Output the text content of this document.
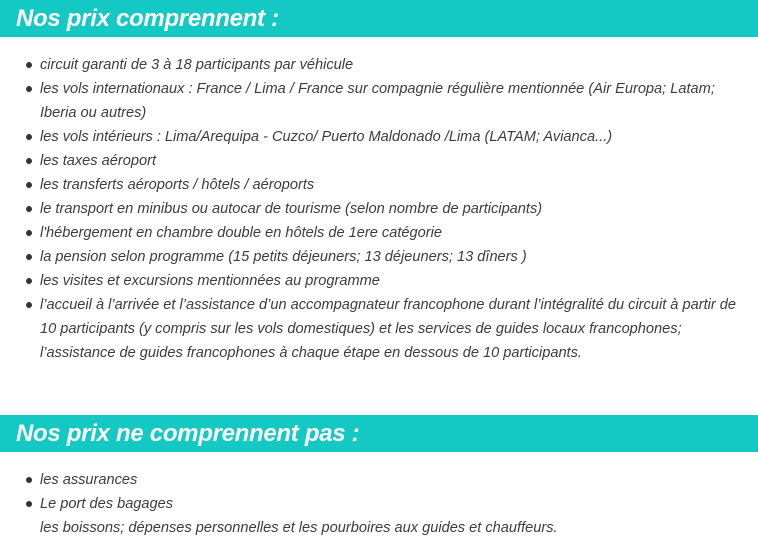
Nos prix comprennent :
circuit garanti de 3 à 18 participants par véhicule
les vols internationaux : France / Lima / France sur compagnie régulière mentionnée (Air Europa; Latam; Iberia ou autres)
les vols intérieurs : Lima/Arequipa - Cuzco/ Puerto Maldonado /Lima (LATAM; Avianca...)
les taxes aéroport
les transferts aéroports / hôtels / aéroports
le transport en minibus ou autocar de tourisme (selon nombre de participants)
l'hébergement en chambre double en hôtels de 1ere catégorie
la pension selon programme (15 petits déjeuners; 13 déjeuners; 13 dîners )
les visites et excursions mentionnées au programme
l’accueil à l’arrivée et l’assistance d’un accompagnateur francophone durant l’intégralité du circuit à partir de 10 participants (y compris sur les vols domestiques) et les services de guides locaux francophones; l’assistance de guides francophones à chaque étape en dessous de 10 participants.
Nos prix ne comprennent pas :
les assurances
Le port des bagages
les boissons; dépenses personnelles et les pourboires aux guides et chauffeurs.
